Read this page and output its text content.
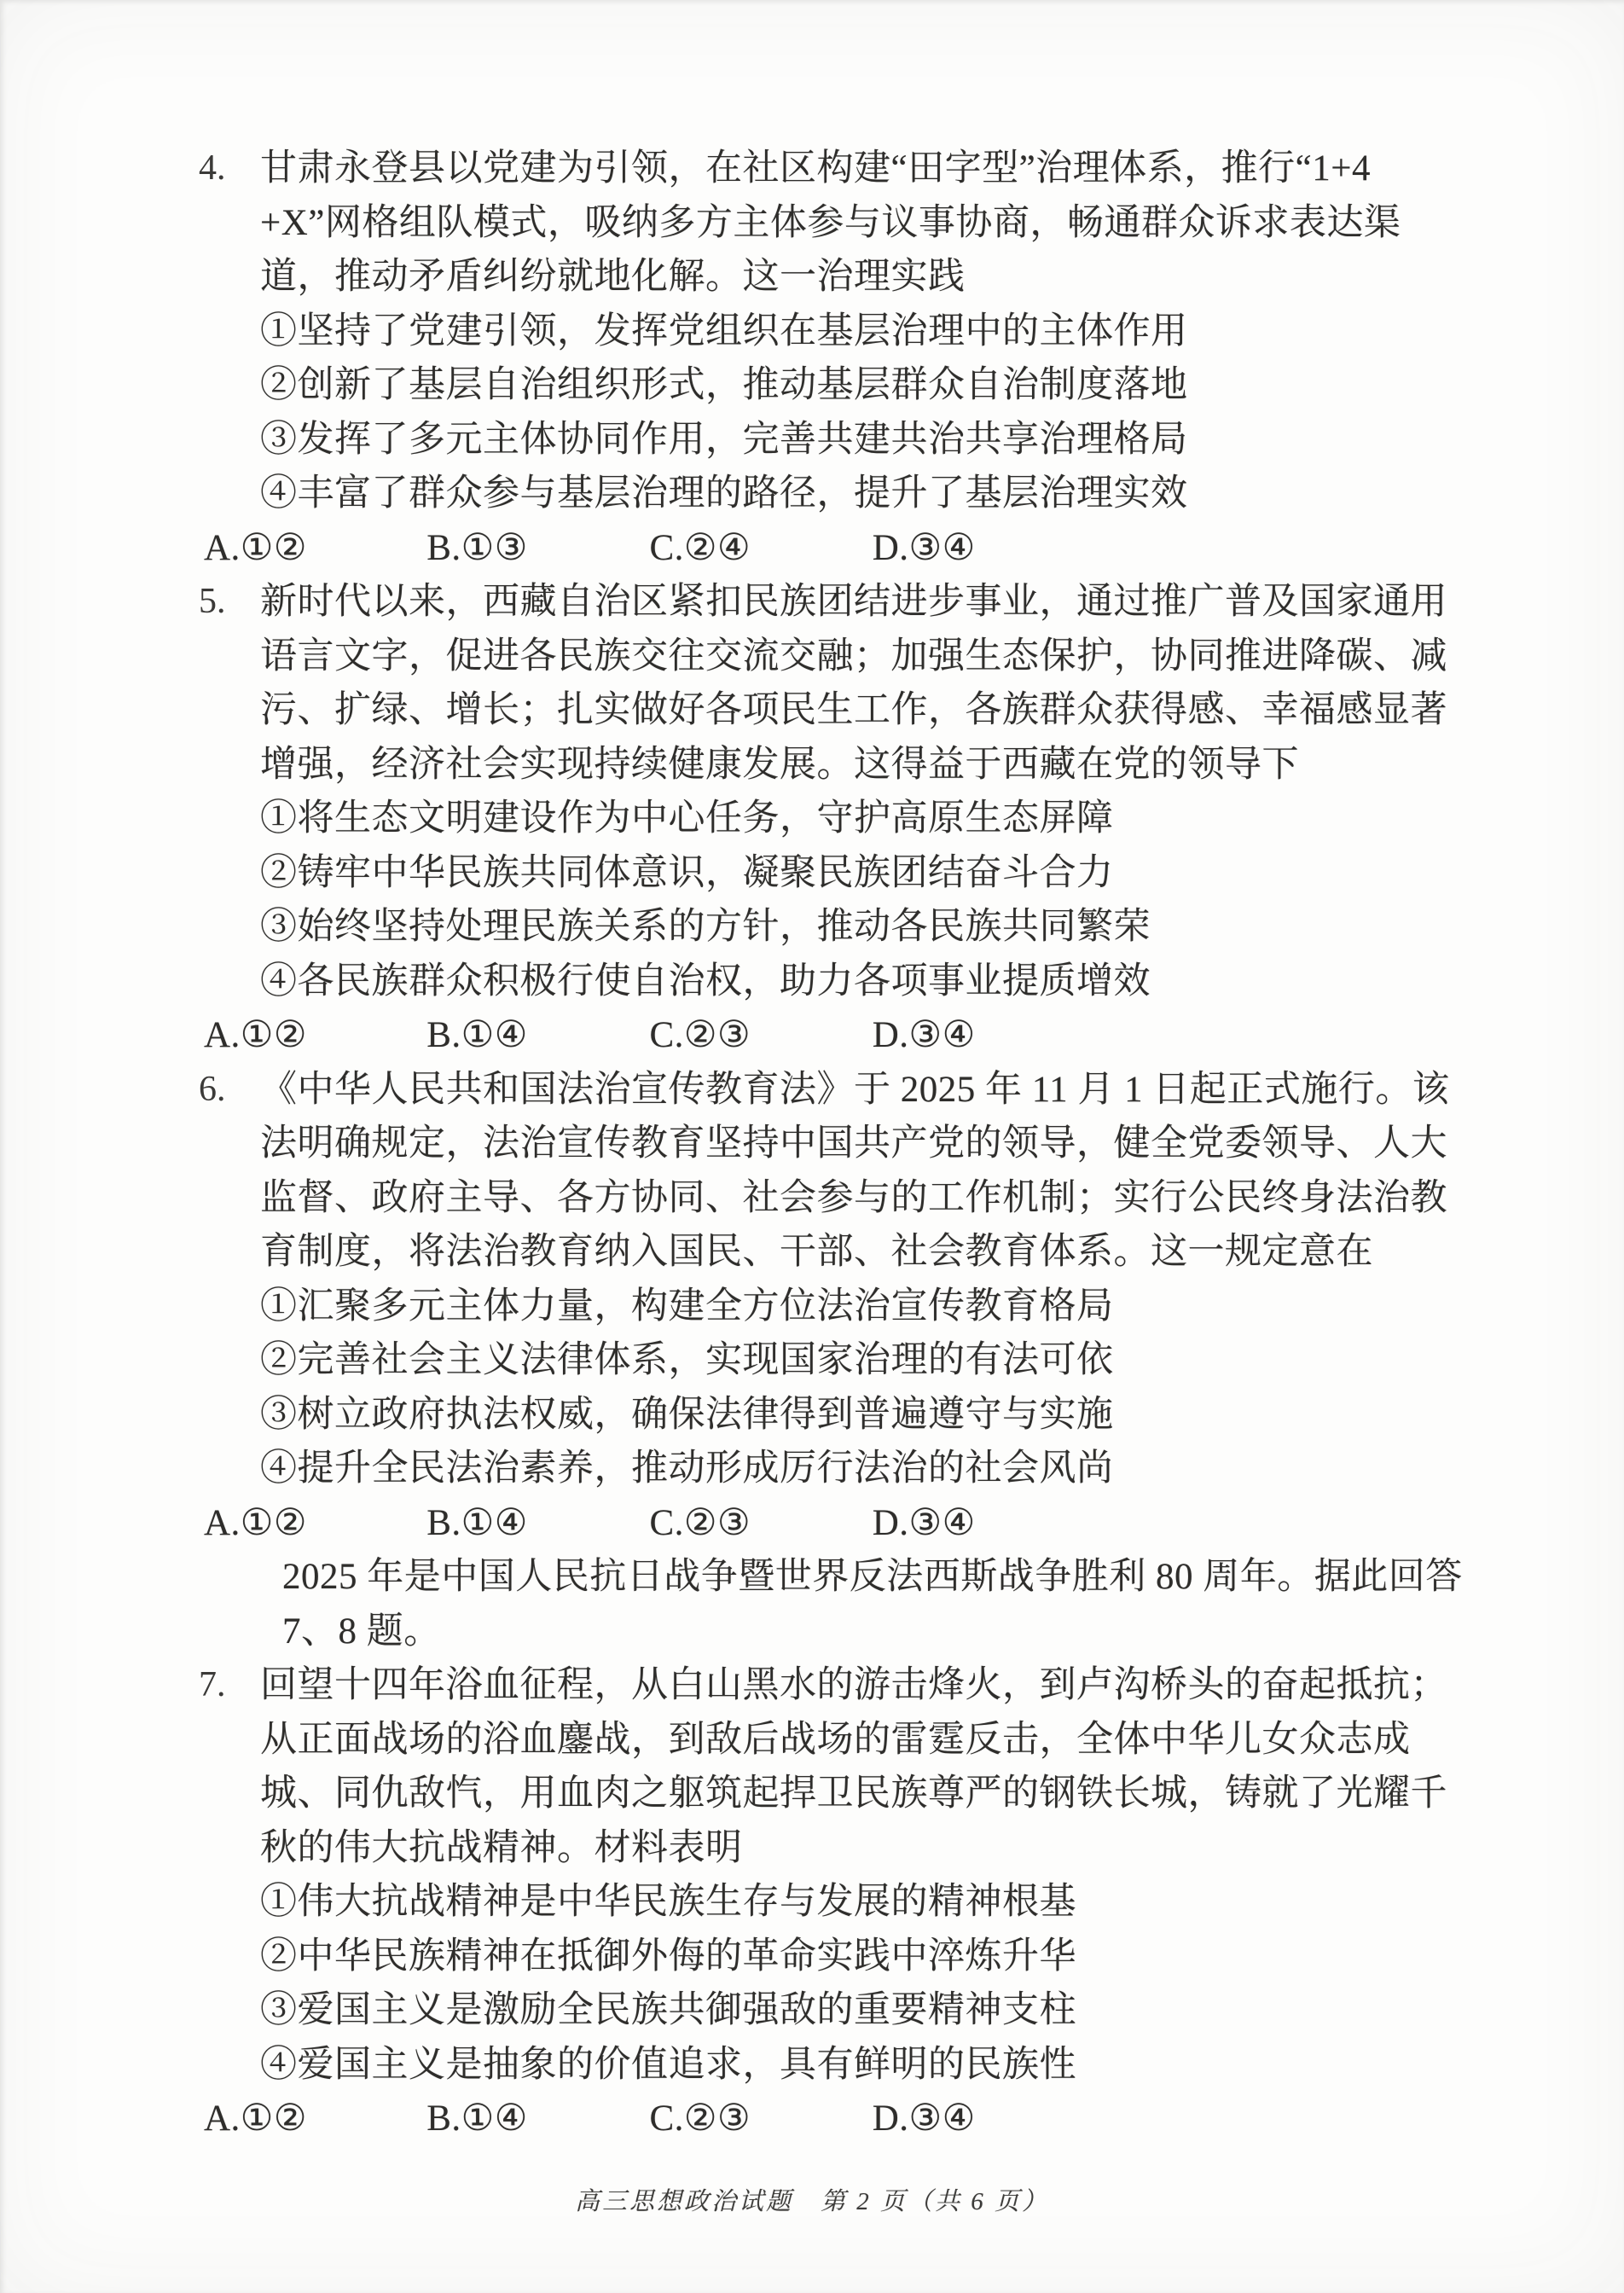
4. 甘肃永登县以党建为引领，在社区构建“田字型”治理体系，推行“1+4
+X”网格组队模式，吸纳多方主体参与议事协商，畅通群众诉求表达渠
道，推动矛盾纠纷就地化解。这一治理实践
①坚持了党建引领，发挥党组织在基层治理中的主体作用
②创新了基层自治组织形式，推动基层群众自治制度落地
③发挥了多元主体协同作用，完善共建共治共享治理格局
④丰富了群众参与基层治理的路径，提升了基层治理实效
A.①②	B.①③	C.②④	D.③④
5. 新时代以来，西藏自治区紧扣民族团结进步事业，通过推广普及国家通用
语言文字，促进各民族交往交流交融；加强生态保护，协同推进降碳、减
污、扩绿、增长；扎实做好各项民生工作，各族群众获得感、幸福感显著
增强，经济社会实现持续健康发展。这得益于西藏在党的领导下
①将生态文明建设作为中心任务，守护高原生态屏障
②铸牢中华民族共同体意识，凝聚民族团结奋斗合力
③始终坚持处理民族关系的方针，推动各民族共同繁荣
④各民族群众积极行使自治权，助力各项事业提质增效
A.①②	B.①④	C.②③	D.③④
6. 《中华人民共和国法治宣传教育法》于 2025 年 11 月 1 日起正式施行。该
法明确规定，法治宣传教育坚持中国共产党的领导，健全党委领导、人大
监督、政府主导、各方协同、社会参与的工作机制；实行公民终身法治教
育制度，将法治教育纳入国民、干部、社会教育体系。这一规定意在
①汇聚多元主体力量，构建全方位法治宣传教育格局
②完善社会主义法律体系，实现国家治理的有法可依
③树立政府执法权威，确保法律得到普遍遵守与实施
④提升全民法治素养，推动形成厉行法治的社会风尚
A.①②	B.①④	C.②③	D.③④
2025 年是中国人民抗日战争暨世界反法西斯战争胜利 80 周年。据此回答
7、8 题。
7. 回望十四年浴血征程，从白山黑水的游击烽火，到卢沟桥头的奋起抵抗；
从正面战场的浴血鏖战，到敌后战场的雷霆反击，全体中华儿女众志成
城、同仇敌忾，用血肉之躯筑起捍卫民族尊严的钢铁长城，铸就了光耀千
秋的伟大抗战精神。材料表明
①伟大抗战精神是中华民族生存与发展的精神根基
②中华民族精神在抵御外侮的革命实践中淬炼升华
③爱国主义是激励全民族共御强敌的重要精神支柱
④爱国主义是抽象的价值追求，具有鲜明的民族性
A.①②	B.①④	C.②③	D.③④
高三思想政治试题　第 2 页（共 6 页）
